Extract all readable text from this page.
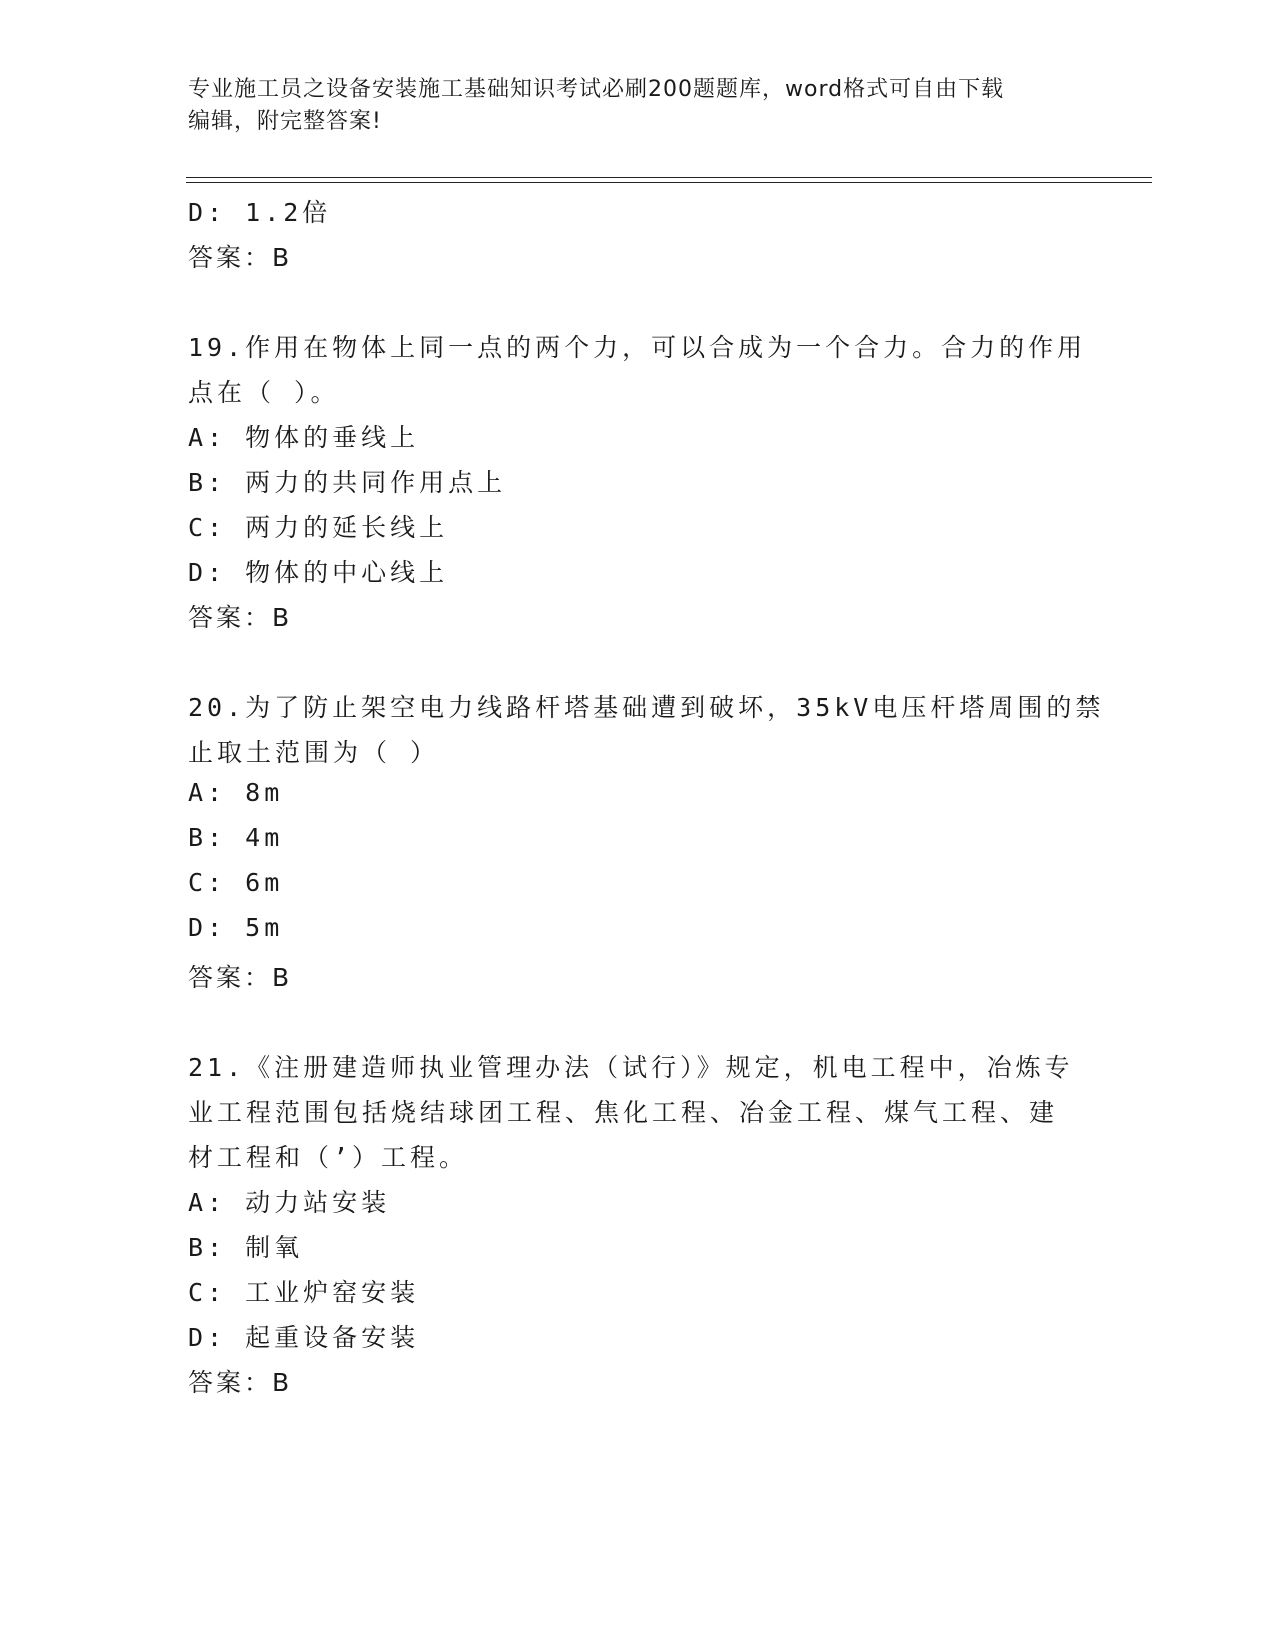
专业施工员之设备安装施工基础知识考试必刷200题题库，word格式可自由下载
编辑，附完整答案!
D: 1.2倍
答案：B
19.作用在物体上同一点的两个力，可以合成为一个合力。合力的作用
点在（ ）。
A: 物体的垂线上
B: 两力的共同作用点上
C: 两力的延长线上
D: 物体的中心线上
答案：B
20.为了防止架空电力线路杆塔基础遭到破坏，35kV电压杆塔周围的禁
止取土范围为（ ）
A: 8m
B: 4m
C: 6m
D: 5m
答案：B
21.《注册建造师执业管理办法（试行）》规定，机电工程中，冶炼专
业工程范围包括烧结球团工程、焦化工程、冶金工程、煤气工程、建
材工程和（’）工程。
A: 动力站安装
B: 制氧
C: 工业炉窑安装
D: 起重设备安装
答案：B
